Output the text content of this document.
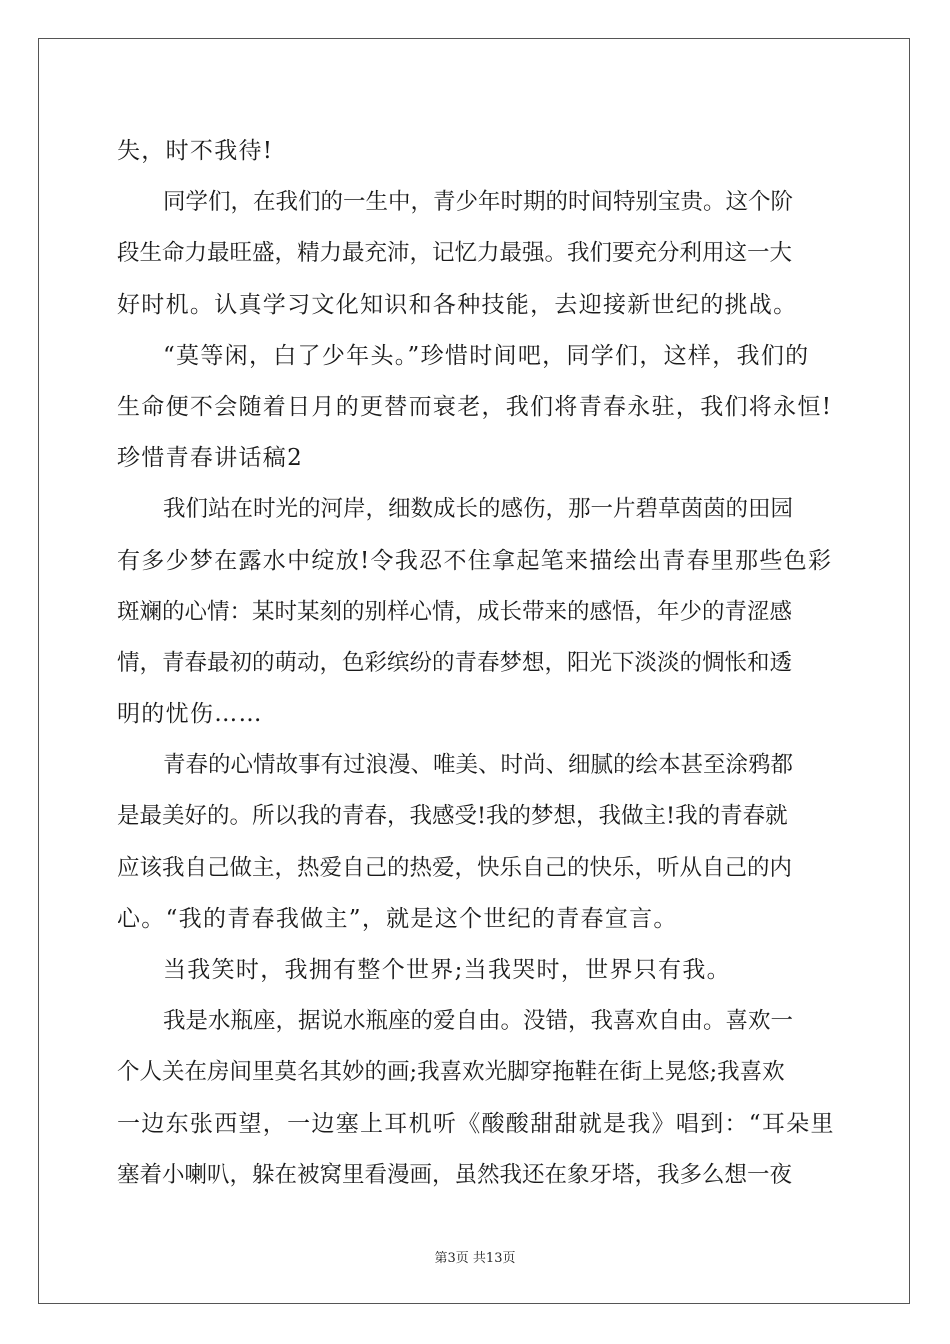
失，时不我待!
同学们，在我们的一生中，青少年时期的时间特别宝贵。这个阶
段生命力最旺盛，精力最充沛，记忆力最强。我们要充分利用这一大
好时机。认真学习文化知识和各种技能，去迎接新世纪的挑战。
“莫等闲，白了少年头。”珍惜时间吧，同学们，这样，我们的
生命便不会随着日月的更替而衰老，我们将青春永驻，我们将永恒!
珍惜青春讲话稿2
我们站在时光的河岸，细数成长的感伤，那一片碧草茵茵的田园
有多少梦在露水中绽放!令我忍不住拿起笔来描绘出青春里那些色彩
斑斓的心情：某时某刻的别样心情，成长带来的感悟，年少的青涩感
情，青春最初的萌动，色彩缤纷的青春梦想，阳光下淡淡的惆怅和透
明的忧伤……
青春的心情故事有过浪漫、唯美、时尚、细腻的绘本甚至涂鸦都
是最美好的。所以我的青春，我感受!我的梦想，我做主!我的青春就
应该我自己做主，热爱自己的热爱，快乐自己的快乐，听从自己的内
心。“我的青春我做主”，就是这个世纪的青春宣言。
当我笑时，我拥有整个世界;当我哭时，世界只有我。
我是水瓶座，据说水瓶座的爱自由。没错，我喜欢自由。喜欢一
个人关在房间里莫名其妙的画;我喜欢光脚穿拖鞋在街上晃悠;我喜欢
一边东张西望，一边塞上耳机听《酸酸甜甜就是我》唱到：“耳朵里
塞着小喇叭，躲在被窝里看漫画，虽然我还在象牙塔，我多么想一夜
第3页 共13页
